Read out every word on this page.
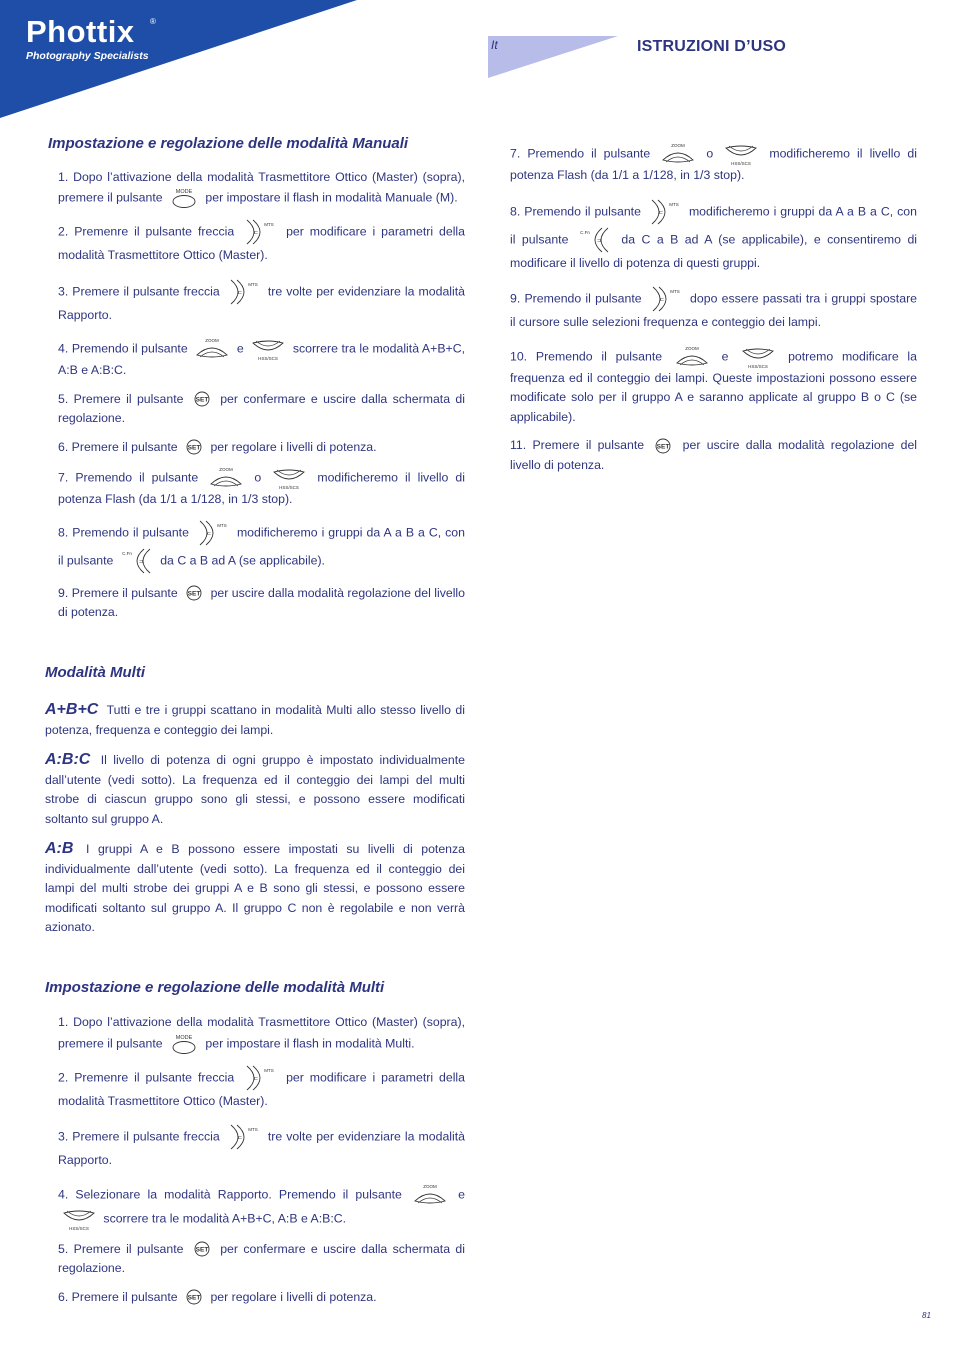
Phottix	®
Photography Specialists
It	ISTRUZIONI D’USO
Impostazione e regolazione delle modalità Manuali
1. Dopo l’attivazione della modalità Trasmettitore Ottico (Master) (sopra), premere il pulsante MODE per impostare il flash in modalità Manuale (M).
2. Premenre il pulsante freccia	⊏
MTS per modificare i parametri della modalità Trasmettitore Ottico (Master).
3. Premere il pulsante freccia	⊏
MTS tre volte per evidenziare la modalità Rapporto.
4. Premendo il pulsante
ZOOM
e
HSS/SCS
scorrere tra le modalità A+B+C, A:B e A:B:C.
5. Premere il pulsante SET per confermare e uscire dalla schermata di regolazione.
6. Premere il pulsante SET per regolare i livelli di potenza.
7. Premendo il pulsante
ZOOM
o
HSS/SCS
modificheremo il livello di potenza Flash (da 1/1 a 1/128, in 1/3 stop).
8. Premendo il pulsante	⊏
MTS modificheremo i gruppi da A a B a C, con il pulsante C.Fn
⊐ da C a B ad A (se applicabile).
9. Premere il pulsante SET per uscire dalla modalità regolazione del livello di potenza.
Modalità Multi
A+B+C Tutti e tre i gruppi scattano in modalità Multi allo stesso livello di potenza, frequenza e conteggio dei lampi.
A:B:C Il livello di potenza di ogni gruppo è impostato individualmente dall’utente (vedi sotto). La frequenza ed il conteggio dei lampi del multi strobe di ciascun gruppo sono gli stessi, e possono essere modificati soltanto sul gruppo A.
A:B I gruppi A e B possono essere impostati su livelli di potenza individualmente dall’utente (vedi sotto). La frequenza ed il conteggio dei lampi del multi strobe dei gruppi A e B sono gli stessi, e possono essere modificati soltanto sul gruppo A. Il gruppo C non è regolabile e non verrà azionato.
Impostazione e regolazione delle modalità Multi
1. Dopo l’attivazione della modalità Trasmettitore Ottico (Master) (sopra), premere il pulsante MODE per impostare il flash in modalità Multi.
2. Premenre il pulsante freccia	⊏
MTS per modificare i parametri della modalità Trasmettitore Ottico (Master).
3. Premere il pulsante freccia	⊏
MTS tre volte per evidenziare la modalità Rapporto.
4. Selezionare la modalità Rapporto. Premendo il pulsante
ZOOM
e
HSS/SCS
scorrere tra le modalità A+B+C, A:B e A:B:C.
5. Premere il pulsante SET per confermare e uscire dalla schermata di regolazione.
6. Premere il pulsante SET per regolare i livelli di potenza.
7. Premendo il pulsante
ZOOM
o
HSS/SCS
modificheremo il livello di potenza Flash (da 1/1 a 1/128, in 1/3 stop).
8. Premendo il pulsante	⊏
MTS modificheremo i gruppi da A a B a C, con il pulsante	C.Fn
⊐ da C a B ad A (se applicabile), e consentiremo di modificare il livello di potenza di questi gruppi.
9. Premendo il pulsante	⊏
MTS dopo essere passati tra i gruppi spostare il cursore sulle selezioni frequenza e conteggio dei lampi.
10. Premendo il pulsante
ZOOM
e
HSS/SCS
potremo modificare la frequenza ed il conteggio dei lampi. Queste impostazioni possono essere modificate solo per il gruppo A e saranno applicate al gruppo B o C (se applicabile).
11. Premere il pulsante SET per uscire dalla modalità regolazione del livello di potenza.
81
